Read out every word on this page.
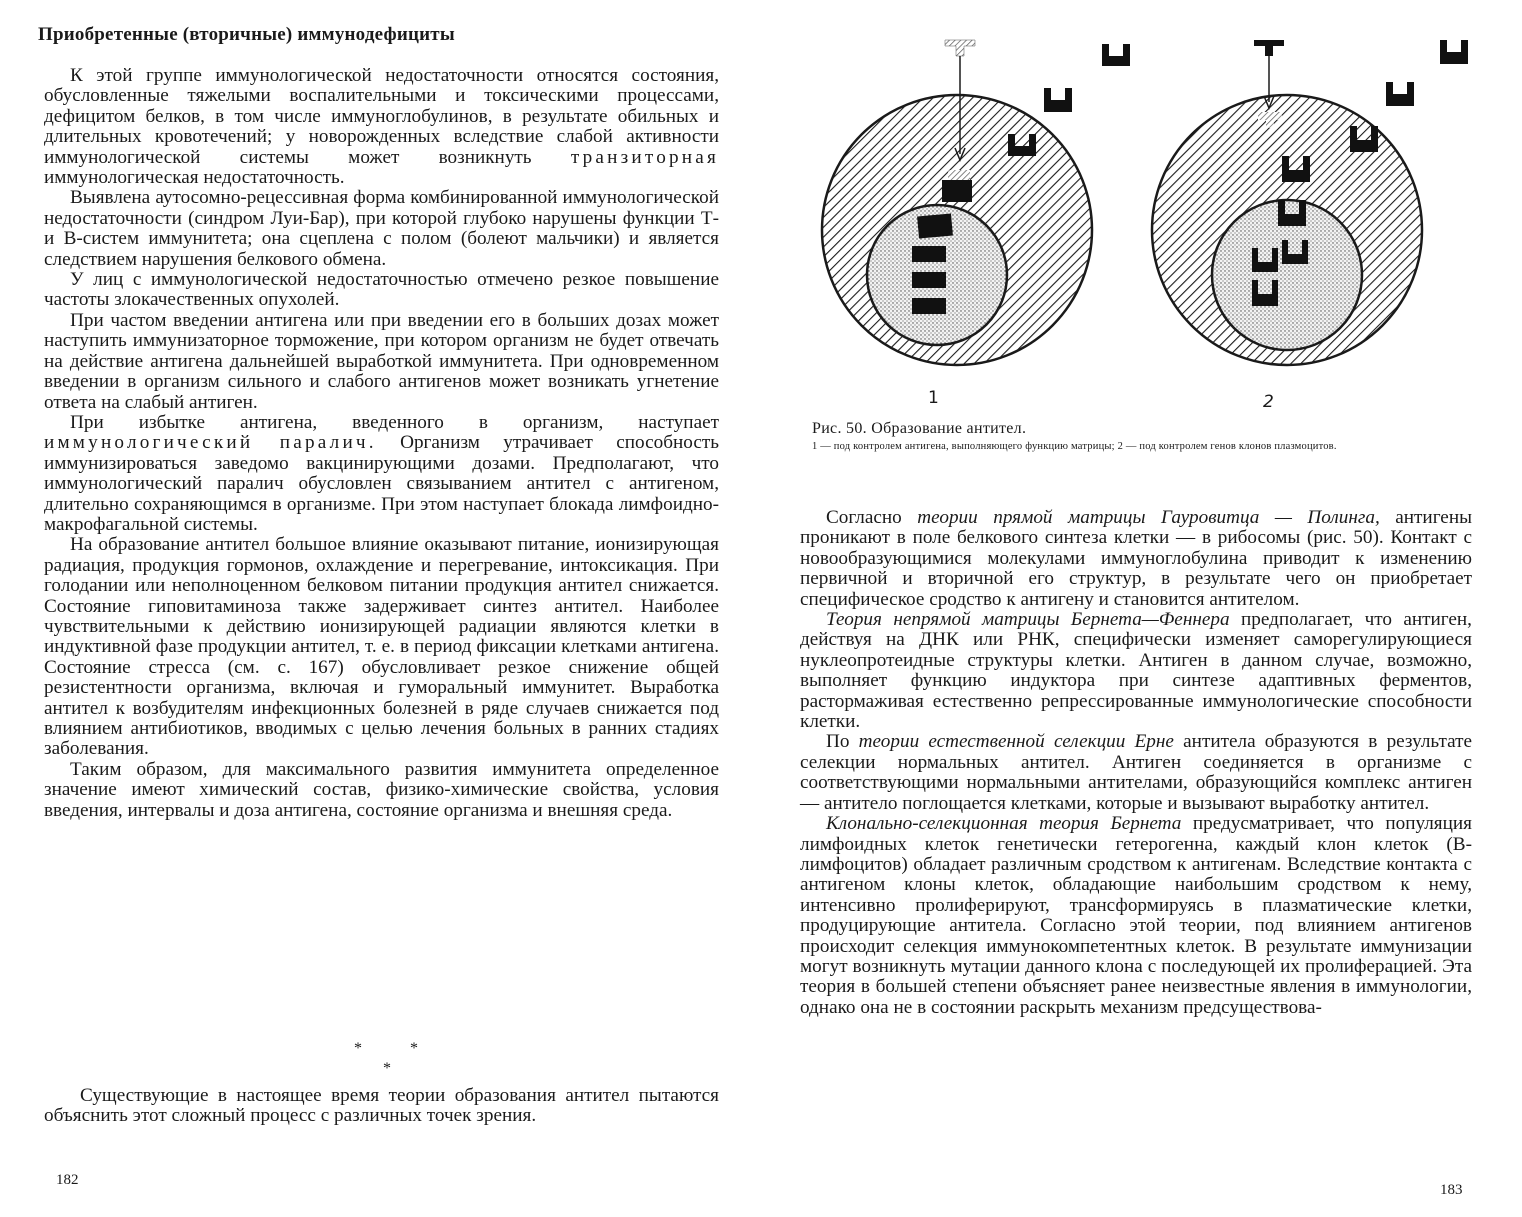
Приобретенные (вторичные) иммунодефициты

К этой группе иммунологической недостаточности относятся состояния, обусловленные тяжелыми воспалительными и токсическими процессами, дефицитом белков, в том числе иммуноглобулинов, в результате обильных и длительных кровотечений; у новорожденных вследствие слабой активности иммунологической системы может возникнуть транзиторная иммунологическая недостаточность.

Выявлена аутосомно-рецессивная форма комбинированной иммунологической недостаточности (синдром Луи-Бар), при которой глубоко нарушены функции Т- и В-систем иммунитета; она сцеплена с полом (болеют мальчики) и является следствием нарушения белкового обмена.

У лиц с иммунологической недостаточностью отмечено резкое повышение частоты злокачественных опухолей.

При частом введении антигена или при введении его в больших дозах может наступить иммунизаторное торможение, при котором организм не будет отвечать на действие антигена дальнейшей выработкой иммунитета. При одновременном введении в организм сильного и слабого антигенов может возникать угнетение ответа на слабый антиген.

При избытке антигена, введенного в организм, наступает иммунологический паралич. Организм утрачивает способность иммунизироваться заведомо вакцинирующими дозами. Предполагают, что иммунологический паралич обусловлен связыванием антител с антигеном, длительно сохраняющимся в организме. При этом наступает блокада лимфоидно-макрофагальной системы.

На образование антител большое влияние оказывают питание, ионизирующая радиация, продукция гормонов, охлаждение и перегревание, интоксикация. При голодании или неполноценном белковом питании продукция антител снижается. Состояние гиповитаминоза также задерживает синтез антител. Наиболее чувствительными к действию ионизирующей радиации являются клетки в индуктивной фазе продукции антител, т. е. в период фиксации клетками антигена. Состояние стресса (см. с. 167) обусловливает резкое снижение общей резистентности организма, включая и гуморальный иммунитет. Выработка антител к возбудителям инфекционных болезней в ряде случаев снижается под влиянием антибиотиков, вводимых с целью лечения больных в ранних стадиях заболевания.

Таким образом, для максимального развития иммунитета определенное значение имеют химический состав, физико-химические свойства, условия введения, интервалы и доза антигена, состояние организма и внешняя среда.

*	*
*

Существующие в настоящее время теории образования антител пытаются объяснить этот сложный процесс с различных точек зрения.

182
1	2
Рис. 50. Образование антител.
1 — под контролем антигена, выполняющего функцию матрицы; 2 — под контролем генов клонов плазмоцитов.

Согласно теории прямой матрицы Гауровитца — Полинга, антигены проникают в поле белкового синтеза клетки — в рибосомы (рис. 50). Контакт с новообразующимися молекулами иммуноглобулина приводит к изменению первичной и вторичной его структур, в результате чего он приобретает специфическое сродство к антигену и становится антителом.

Теория непрямой матрицы Бернета—Феннера предполагает, что антиген, действуя на ДНК или РНК, специфически изменяет саморегулирующиеся нуклеопротеидные структуры клетки. Антиген в данном случае, возможно, выполняет функцию индуктора при синтезе адаптивных ферментов, растормаживая естественно репрессированные иммунологические способности клетки.

По теории естественной селекции Ерне антитела образуются в результате селекции нормальных антител. Антиген соединяется в организме с соответствующими нормальными антителами, образующийся комплекс антиген — антитело поглощается клетками, которые и вызывают выработку антител.

Клонально-селекционная теория Бернета предусматривает, что популяция лимфоидных клеток генетически гетерогенна, каждый клон клеток (В-лимфоцитов) обладает различным сродством к антигенам. Вследствие контакта с антигеном клоны клеток, обладающие наибольшим сродством к нему, интенсивно пролиферируют, трансформируясь в плазматические клетки, продуцирующие антитела. Согласно этой теории, под влиянием антигенов происходит селекция иммунокомпетентных клеток. В результате иммунизации могут возникнуть мутации данного клона с последующей их пролиферацией. Эта теория в большей степени объясняет ранее неизвестные явления в иммунологии, однако она не в состоянии раскрыть механизм предсуществова-

183
